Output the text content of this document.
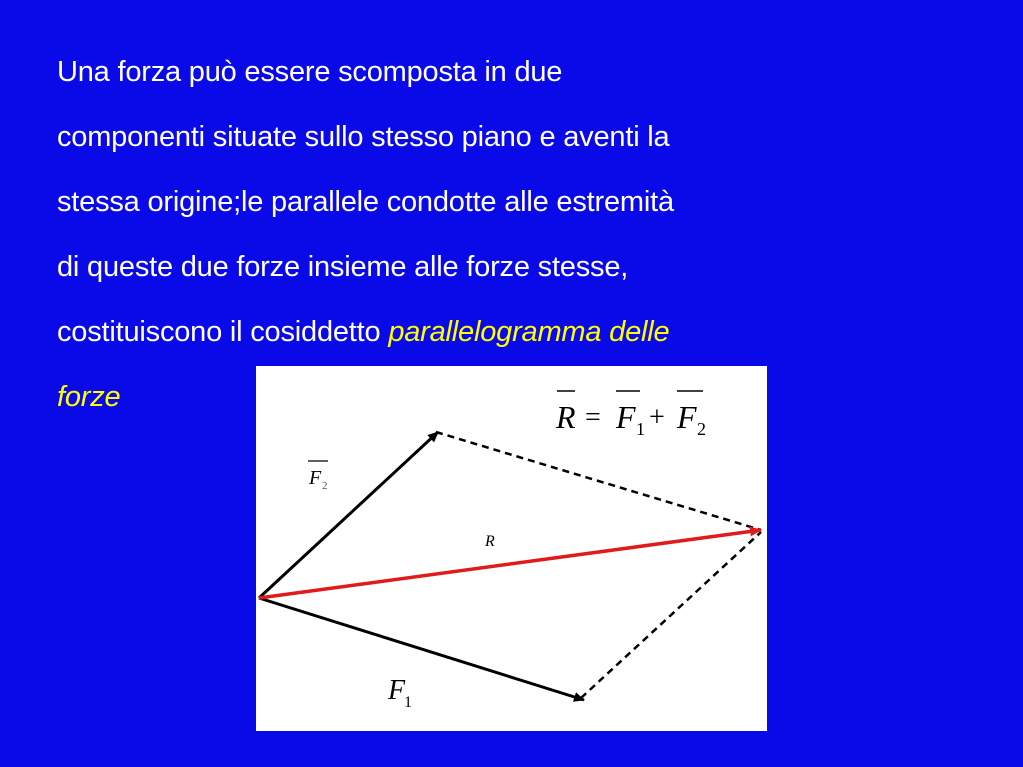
Una forza può essere scomposta in due
componenti situate sullo stesso piano e aventi la
stessa origine;le parallele condotte alle estremità
di queste due forze insieme alle forze stesse,
costituiscono il cosiddetto parallelogramma delle
forze
R = F 1 + F 2
F 2
R
F
1
